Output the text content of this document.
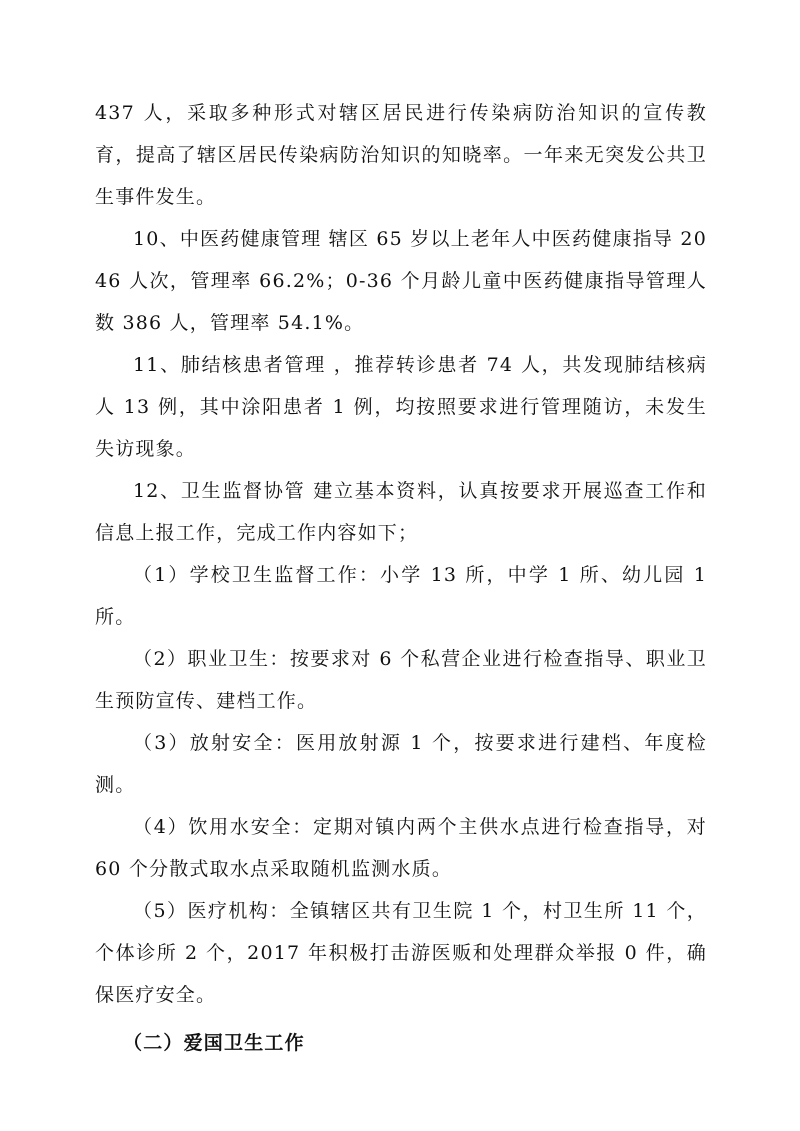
437 人，采取多种形式对辖区居民进行传染病防治知识的宣传教育，提高了辖区居民传染病防治知识的知晓率。一年来无突发公共卫生事件发生。

10、中医药健康管理 辖区 65 岁以上老年人中医药健康指导 2046 人次，管理率 66.2%；0-36 个月龄儿童中医药健康指导管理人数 386 人，管理率 54.1%。

11、肺结核患者管理 ，推荐转诊患者 74 人，共发现肺结核病人 13 例，其中涂阳患者 1 例，均按照要求进行管理随访，未发生失访现象。

12、卫生监督协管 建立基本资料，认真按要求开展巡查工作和信息上报工作，完成工作内容如下；

（1）学校卫生监督工作：小学 13 所，中学 1 所、幼儿园 1 所。

（2）职业卫生：按要求对 6 个私营企业进行检查指导、职业卫生预防宣传、建档工作。

（3）放射安全：医用放射源 1 个，按要求进行建档、年度检测。

（4）饮用水安全：定期对镇内两个主供水点进行检查指导，对 60 个分散式取水点采取随机监测水质。

（5）医疗机构：全镇辖区共有卫生院 1 个，村卫生所 11 个，个体诊所 2 个，2017 年积极打击游医贩和处理群众举报 0 件，确保医疗安全。

（二）爱国卫生工作
